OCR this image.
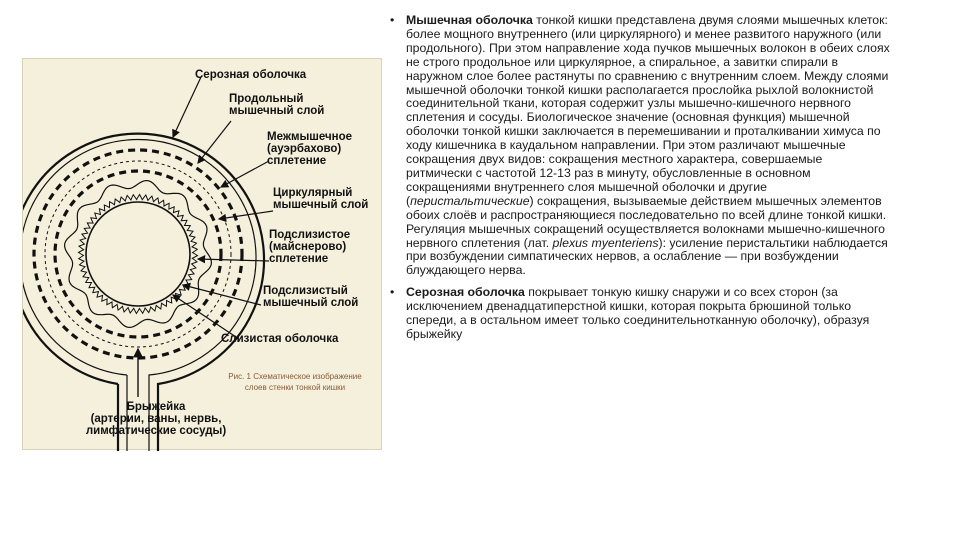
Серозная оболочка
Продольный
мышечный слой
Межмышечное
(ауэрбахово)
сплетение
Циркулярный
мышечный слой
Подслизистое
(майснерово)
сплетение
Подслизистый
мышечный слой
Слизистая оболочка
Брыжейка
(артерии, ваны, нервь,
лимфатические сосуды)
Рис. 1 Схематическое изображение
слоев стенки тонкой кишки

• Мышечная оболочка тонкой кишки представлена двумя слоями мышечных клеток: более мощного внутреннего (или циркулярного) и менее развитого наружного (или продольного). При этом направление хода пучков мышечных волокон в обеих слоях не строго продольное или циркулярное, а спиральное, а завитки спирали в наружном слое более растянуты по сравнению с внутренним слоем. Между слоями мышечной оболочки тонкой кишки располагается прослойка рыхлой волокнистой соединительной ткани, которая содержит узлы мышечно-кишечного нервного сплетения и сосуды. Биологическое значение (основная функция) мышечной оболочки тонкой кишки заключается в перемешивании и проталкивании химуса по ходу кишечника в каудальном направлении. При этом различают мышечные сокращения двух видов: сокращения местного характера, совершаемые ритмически с частотой 12-13 раз в минуту, обусловленные в основном сокращениями внутреннего слоя мышечной оболочки и другие (перистальтические) сокращения, вызываемые действием мышечных элементов обоих слоёв и распространяющиеся последовательно по всей длине тонкой кишки. Регуляция мышечных сокращений осуществляется волокнами мышечно-кишечного нервного сплетения (лат. plexus myenteriens): усиление перистальтики наблюдается при возбуждении симпатических нервов, а ослабление — при возбуждении блуждающего нерва.

• Серозная оболочка покрывает тонкую кишку снаружи и со всех сторон (за исключением двенадцатиперстной кишки, которая покрыта брюшиной только спереди, а в остальном имеет только соединительнотканную оболочку), образуя брыжейку
